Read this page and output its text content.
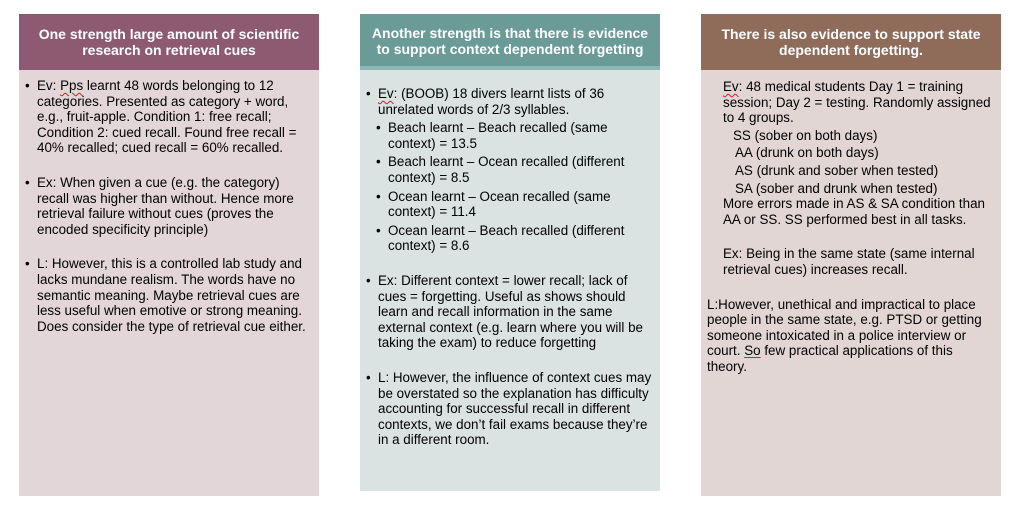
One strength large amount of scientific research on retrieval cues
• Ev: Pps learnt 48 words belonging to 12 categories. Presented as category + word, e.g., fruit-apple. Condition 1: free recall; Condition 2: cued recall. Found free recall = 40% recalled; cued recall = 60% recalled.
• Ex: When given a cue (e.g. the category) recall was higher than without. Hence more retrieval failure without cues (proves the encoded specificity principle)
• L: However, this is a controlled lab study and lacks mundane realism. The words have no semantic meaning. Maybe retrieval cues are less useful when emotive or strong meaning. Does consider the type of retrieval cue either.
Another strength is that there is evidence to support context dependent forgetting
• Ev: (BOOB) 18 divers learnt lists of 36 unrelated words of 2/3 syllables.
• Beach learnt – Beach recalled (same context) = 13.5
• Beach learnt – Ocean recalled (different context) = 8.5
• Ocean learnt – Ocean recalled (same context) = 11.4
• Ocean learnt – Beach recalled (different context) = 8.6
• Ex: Different context = lower recall; lack of cues = forgetting. Useful as shows should learn and recall information in the same external context (e.g. learn where you will be taking the exam) to reduce forgetting
• L: However, the influence of context cues may be overstated so the explanation has difficulty accounting for successful recall in different contexts, we don’t fail exams because they’re in a different room.
There is also evidence to support state dependent forgetting.
Ev: 48 medical students Day 1 = training session; Day 2 = testing. Randomly assigned to 4 groups.
SS (sober on both days)
AA (drunk on both days)
AS (drunk and sober when tested)
SA (sober and drunk when tested)
More errors made in AS & SA condition than AA or SS. SS performed best in all tasks.
Ex: Being in the same state (same internal retrieval cues) increases recall.
L:However, unethical and impractical to place people in the same state, e.g. PTSD or getting someone intoxicated in a police interview or court. So few practical applications of this theory.
